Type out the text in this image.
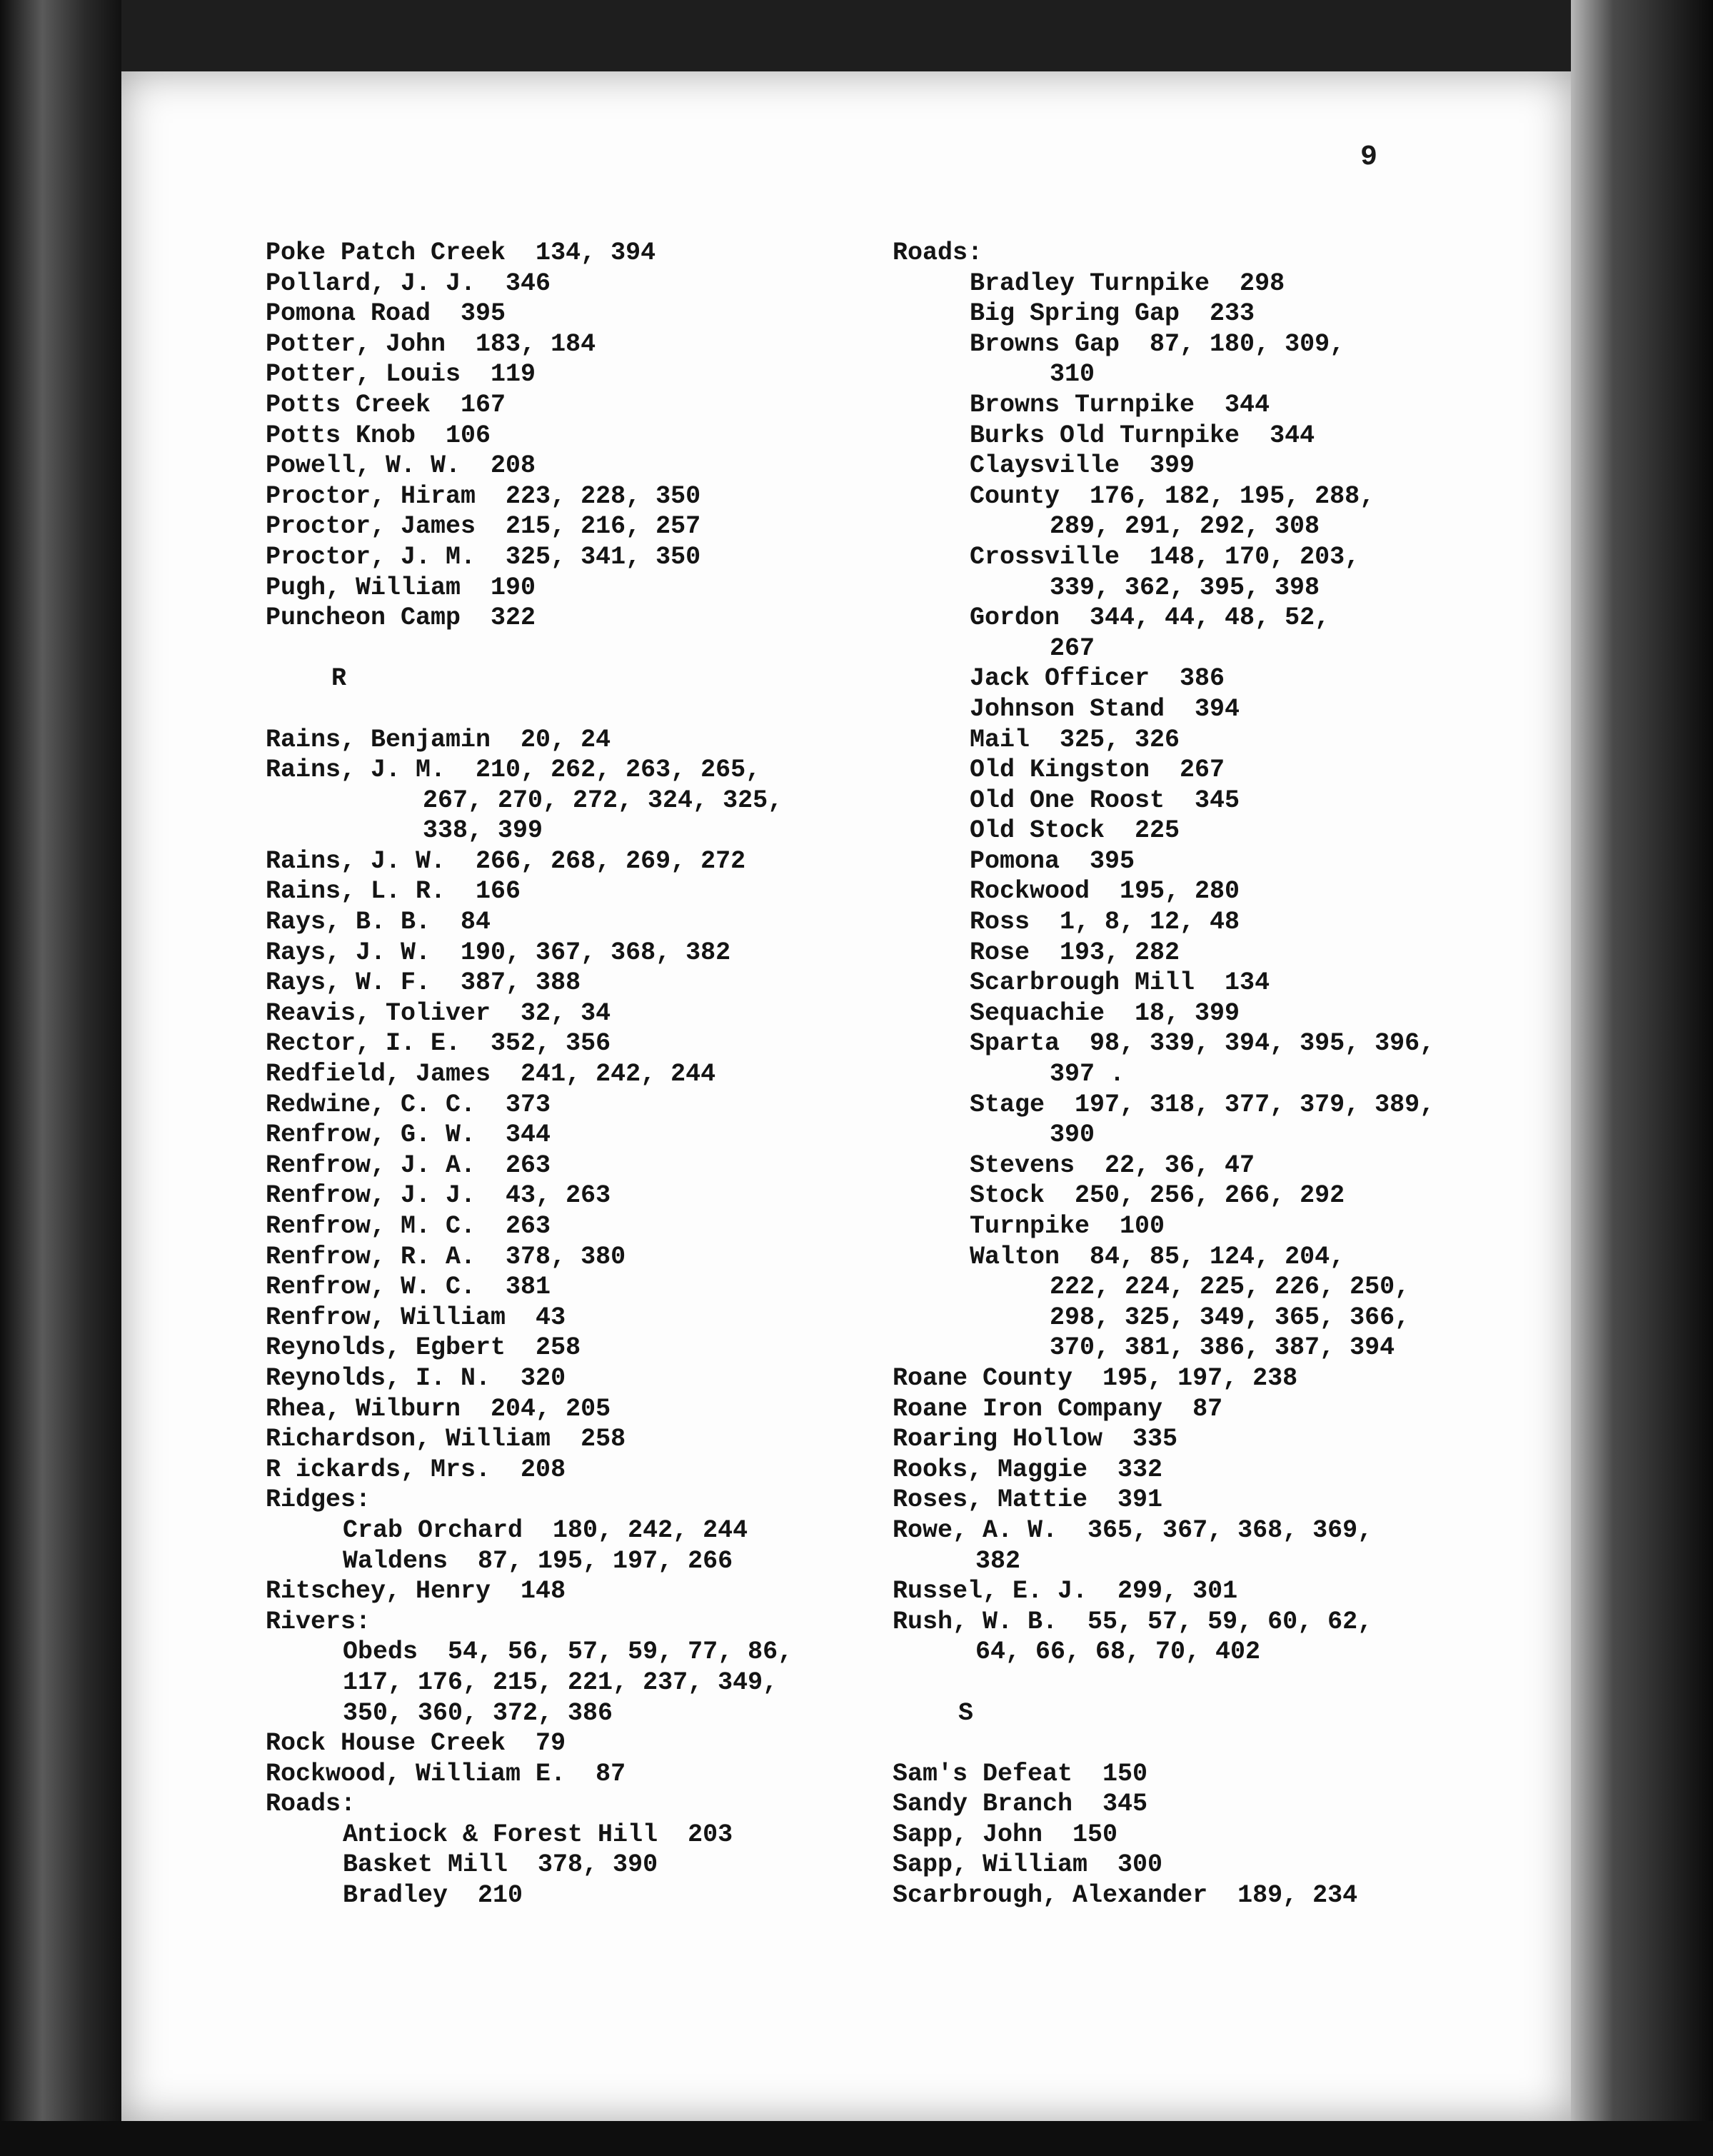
9
Poke Patch Creek  134, 394
Pollard, J. J.  346
Pomona Road  395
Potter, John  183, 184
Potter, Louis  119
Potts Creek  167
Potts Knob  106
Powell, W. W.  208
Proctor, Hiram  223, 228, 350
Proctor, James  215, 216, 257
Proctor, J. M.  325, 341, 350
Pugh, William  190
Puncheon Camp  322
R
Rains, Benjamin  20, 24
Rains, J. M.  210, 262, 263, 265,
267, 270, 272, 324, 325,
338, 399
Rains, J. W.  266, 268, 269, 272
Rains, L. R.  166
Rays, B. B.  84
Rays, J. W.  190, 367, 368, 382
Rays, W. F.  387, 388
Reavis, Toliver  32, 34
Rector, I. E.  352, 356
Redfield, James  241, 242, 244
Redwine, C. C.  373
Renfrow, G. W.  344
Renfrow, J. A.  263
Renfrow, J. J.  43, 263
Renfrow, M. C.  263
Renfrow, R. A.  378, 380
Renfrow, W. C.  381
Renfrow, William  43
Reynolds, Egbert  258
Reynolds, I. N.  320
Rhea, Wilburn  204, 205
Richardson, William  258
R ickards, Mrs.  208
Ridges:
Crab Orchard  180, 242, 244
Waldens  87, 195, 197, 266
Ritschey, Henry  148
Rivers:
Obeds  54, 56, 57, 59, 77, 86,
117, 176, 215, 221, 237, 349,
350, 360, 372, 386
Rock House Creek  79
Rockwood, William E.  87
Roads:
Antiock & Forest Hill  203
Basket Mill  378, 390
Bradley  210
Roads:
Bradley Turnpike  298
Big Spring Gap  233
Browns Gap  87, 180, 309,
310
Browns Turnpike  344
Burks Old Turnpike  344
Claysville  399
County  176, 182, 195, 288,
289, 291, 292, 308
Crossville  148, 170, 203,
339, 362, 395, 398
Gordon  344, 44, 48, 52,
267
Jack Officer  386
Johnson Stand  394
Mail  325, 326
Old Kingston  267
Old One Roost  345
Old Stock  225
Pomona  395
Rockwood  195, 280
Ross  1, 8, 12, 48
Rose  193, 282
Scarbrough Mill  134
Sequachie  18, 399
Sparta  98, 339, 394, 395, 396,
397 .
Stage  197, 318, 377, 379, 389,
390
Stevens  22, 36, 47
Stock  250, 256, 266, 292
Turnpike  100
Walton  84, 85, 124, 204,
222, 224, 225, 226, 250,
298, 325, 349, 365, 366,
370, 381, 386, 387, 394
Roane County  195, 197, 238
Roane Iron Company  87
Roaring Hollow  335
Rooks, Maggie  332
Roses, Mattie  391
Rowe, A. W.  365, 367, 368, 369,
382
Russel, E. J.  299, 301
Rush, W. B.  55, 57, 59, 60, 62,
64, 66, 68, 70, 402
S
Sam's Defeat  150
Sandy Branch  345
Sapp, John  150
Sapp, William  300
Scarbrough, Alexander  189, 234
